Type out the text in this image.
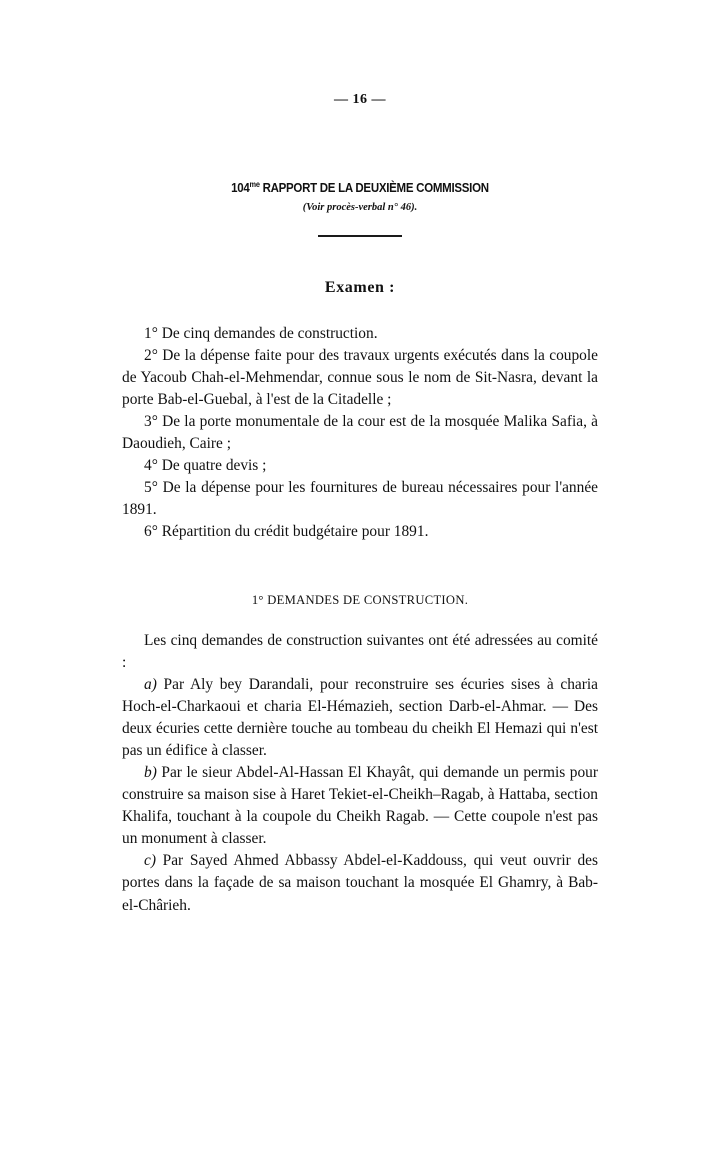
— 16 —
$104^{me}$ RAPPORT DE LA DEUXIÈME COMMISSION
(Voir procès-verbal n° 46).
Examen :
1° De cinq demandes de construction.
2° De la dépense faite pour des travaux urgents exécutés dans la coupole de Yacoub Chah-el-Mehmendar, connue sous le nom de Sit-Nasra, devant la porte Bab-el-Guebal, à l'est de la Citadelle ;
3° De la porte monumentale de la cour est de la mosquée Malika Safia, à Daoudieh, Caire ;
4° De quatre devis ;
5° De la dépense pour les fournitures de bureau nécessaires pour l'année 1891.
6° Répartition du crédit budgétaire pour 1891.
1° DEMANDES DE CONSTRUCTION.
Les cinq demandes de construction suivantes ont été adressées au comité :
a) Par Aly bey Darandali, pour reconstruire ses écuries sises à charia Hoch-el-Charkaoui et charia El-Hémazieh, section Darb-el-Ahmar. — Des deux écuries cette dernière touche au tombeau du cheikh El Hemazi qui n'est pas un édifice à classer.
b) Par le sieur Abdel-Al-Hassan El Khayât, qui demande un permis pour construire sa maison sise à Haret Tekiet-el-Cheikh–Ragab, à Hattaba, section Khalifa, touchant à la coupole du Cheikh Ragab. — Cette coupole n'est pas un monument à classer.
c) Par Sayed Ahmed Abbassy Abdel-el-Kaddouss, qui veut ouvrir des portes dans la façade de sa maison touchant la mosquée El Ghamry, à Bab-el-Chârieh.
